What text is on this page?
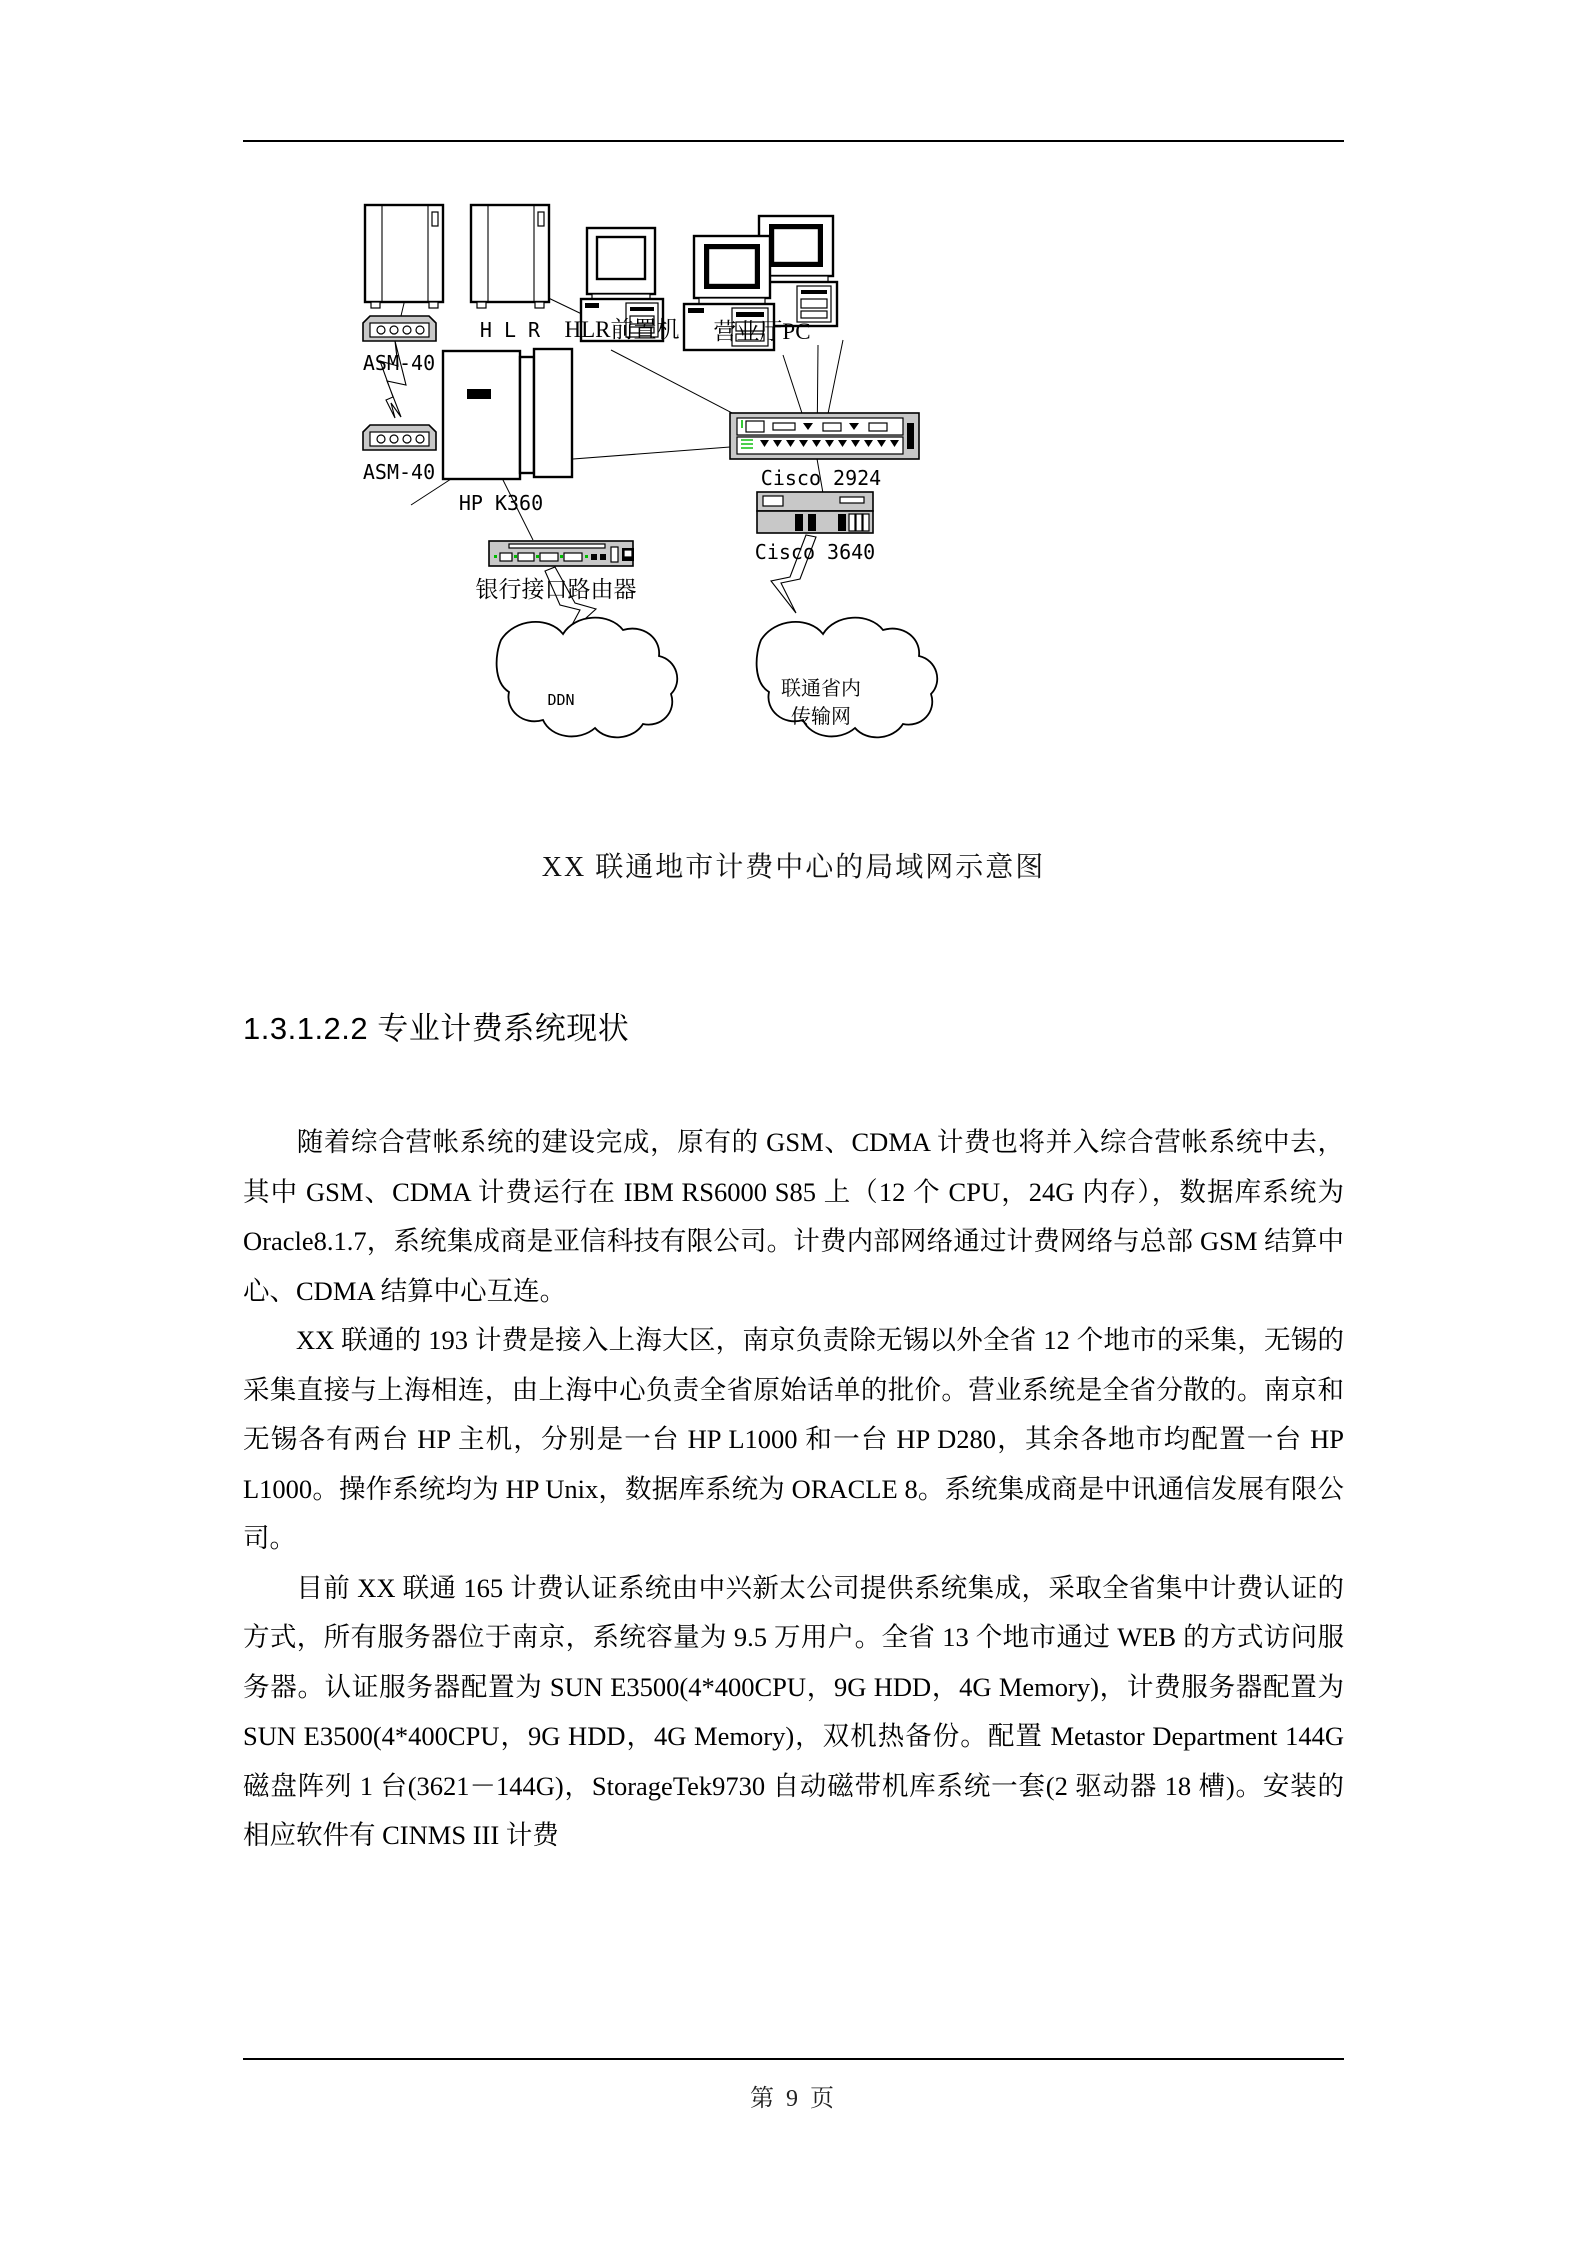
H L R HLR前置机 营业厅PC
ASM-40
ASM-40
HP K360
Cisco 2924
Cisco 3640
银行接口路由器
DDN	联通省内
传输网
XX 联通地市计费中心的局域网示意图
1.3.1.2.2 专业计费系统现状

随着综合营帐系统的建设完成，原有的 GSM、CDMA 计费也将并入综合营帐系统中去，其中 GSM、CDMA 计费运行在 IBM RS6000 S85 上（12 个 CPU，24G 内存），数据库系统为 Oracle8.1.7，系统集成商是亚信科技有限公司。计费内部网络通过计费网络与总部 GSM 结算中心、CDMA 结算中心互连。

XX 联通的 193 计费是接入上海大区，南京负责除无锡以外全省 12 个地市的采集，无锡的采集直接与上海相连，由上海中心负责全省原始话单的批价。营业系统是全省分散的。南京和无锡各有两台 HP 主机，分别是一台 HP L1000 和一台 HP D280，其余各地市均配置一台 HP L1000。操作系统均为 HP Unix，数据库系统为 ORACLE 8。系统集成商是中讯通信发展有限公司。

目前 XX 联通 165 计费认证系统由中兴新太公司提供系统集成，采取全省集中计费认证的方式，所有服务器位于南京，系统容量为 9.5 万用户。全省 13 个地市通过 WEB 的方式访问服务器。认证服务器配置为 SUN E3500(4*400CPU，9G HDD，4G Memory)，计费服务器配置为 SUN E3500(4*400CPU，9G HDD，4G Memory)，双机热备份。配置 Metastor Department 144G 磁盘阵列 1 台(3621－144G)，StorageTek9730 自动磁带机库系统一套(2 驱动器 18 槽)。安装的相应软件有 CINMS III 计费

第 9 页
